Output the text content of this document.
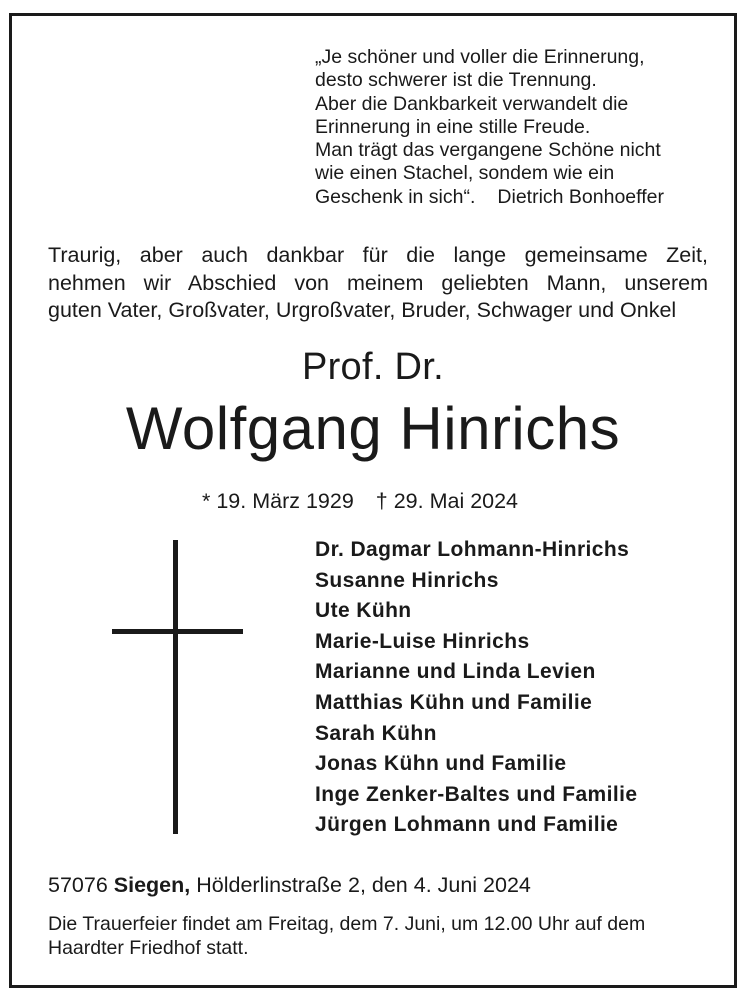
„Je schöner und voller die Erinnerung,
desto schwerer ist die Trennung.
Aber die Dankbarkeit verwandelt die
Erinnerung in eine stille Freude.
Man trägt das vergangene Schöne nicht
wie einen Stachel, sondem wie ein
Geschenk in sich“. Dietrich Bonhoeffer
Traurig, aber auch dankbar für die lange gemeinsame Zeit,
nehmen wir Abschied von meinem geliebten Mann, unserem
guten Vater, Großvater, Urgroßvater, Bruder, Schwager und Onkel
Prof. Dr.
Wolfgang Hinrichs
* 19. März 1929 † 29. Mai 2024
Dr. Dagmar Lohmann-Hinrichs
Susanne Hinrichs
Ute Kühn
Marie-Luise Hinrichs
Marianne und Linda Levien
Matthias Kühn und Familie
Sarah Kühn
Jonas Kühn und Familie
Inge Zenker-Baltes und Familie
Jürgen Lohmann und Familie
57076 Siegen, Hölderlinstraße 2, den 4. Juni 2024
Die Trauerfeier findet am Freitag, dem 7. Juni, um 12.00 Uhr auf dem
Haardter Friedhof statt.
